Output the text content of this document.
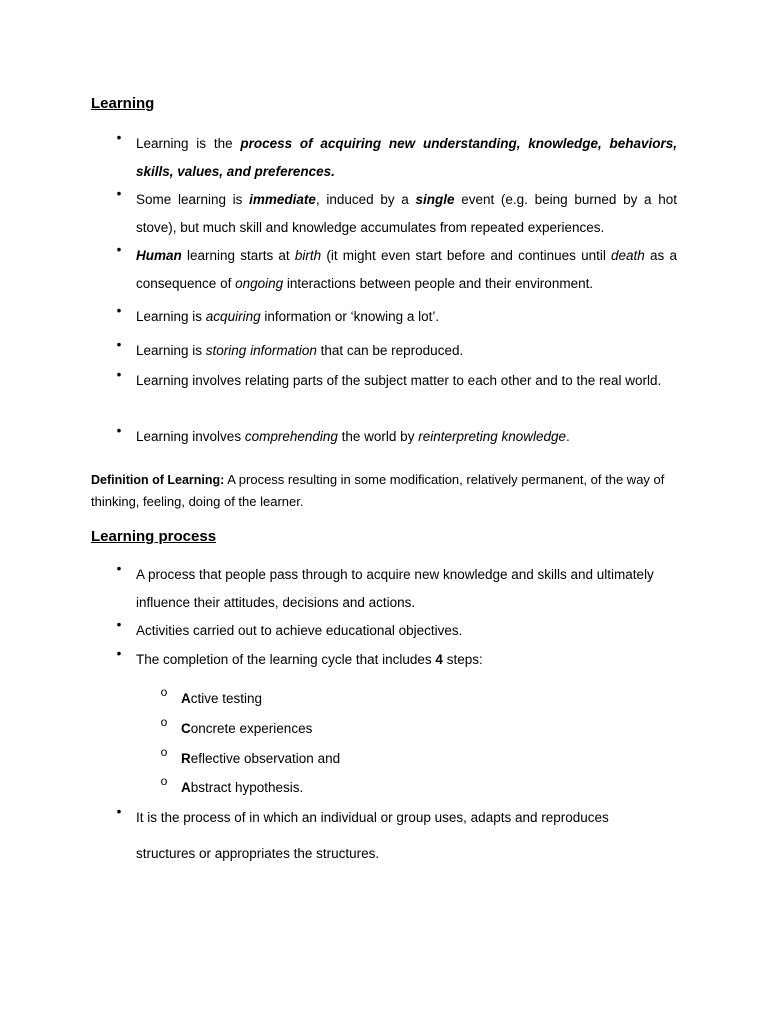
Learning
• Learning is the process of acquiring new understanding, knowledge, behaviors, skills, values, and preferences.
• Some learning is immediate, induced by a single event (e.g. being burned by a hot stove), but much skill and knowledge accumulates from repeated experiences.
• Human learning starts at birth (it might even start before and continues until death as a consequence of ongoing interactions between people and their environment.
• Learning is acquiring information or ‘knowing a lot’.
• Learning is storing information that can be reproduced.
• Learning involves relating parts of the subject matter to each other and to the real world.
• Learning involves comprehending the world by reinterpreting knowledge.

Definition of Learning: A process resulting in some modification, relatively permanent, of the way of thinking, feeling, doing of the learner.

Learning process
• A process that people pass through to acquire new knowledge and skills and ultimately influence their attitudes, decisions and actions.
• Activities carried out to achieve educational objectives.
• The completion of the learning cycle that includes 4 steps:
o Active testing
o Concrete experiences
o Reflective observation and
o Abstract hypothesis.
• It is the process of in which an individual or group uses, adapts and reproduces

structures or appropriates the structures.
